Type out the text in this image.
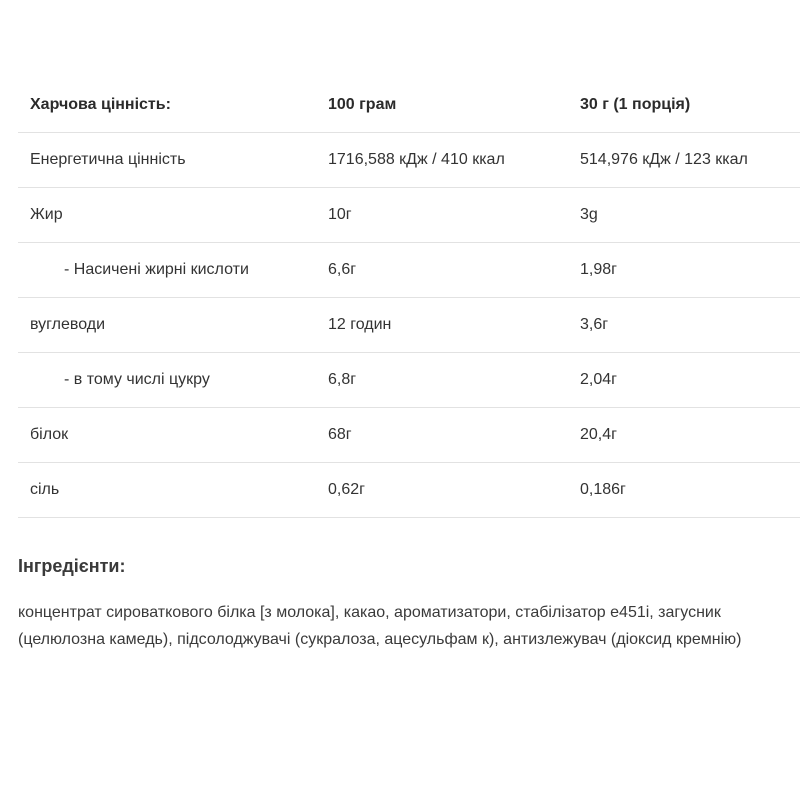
Харчова цінність:	100 грам	30 г (1 порція)
Енергетична цінність	1716,588 кДж / 410 ккал	514,976 кДж / 123 ккал
Жир	10г	3g
- Насичені жирні кислоти	6,6г	1,98г
вуглеводи	12 годин	3,6г
- в тому числі цукру	6,8г	2,04г
білок	68г	20,4г
сіль	0,62г	0,186г
Інгредієнти:

концентрат сироваткового білка [з молока], какао, ароматизатори, стабілізатор e451i, загусник (целюлозна камедь), підсолоджувачі (сукралоза, ацесульфам к), антизлежувач (діоксид кремнію)
